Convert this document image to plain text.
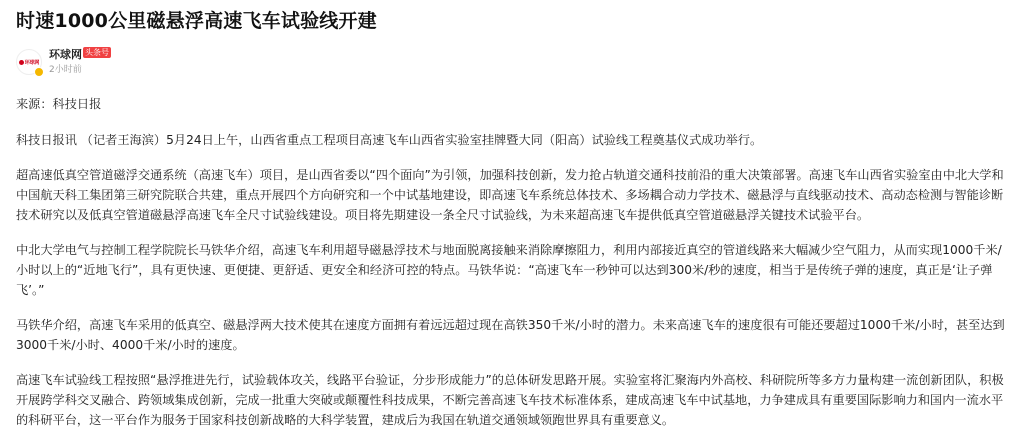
时速1000公里磁悬浮高速飞车试验线开建
环球网
环球网 头条号
2小时前

来源：科技日报

科技日报讯 （记者王海滨）5月24日上午，山西省重点工程项目高速飞车山西省实验室挂牌暨大同（阳高）试验线工程奠基仪式成功举行。

超高速低真空管道磁浮交通系统（高速飞车）项目，是山西省委以“四个面向”为引领，加强科技创新，发力抢占轨道交通科技前沿的重大决策部署。高速飞车山西省实验室由中北大学和中国航天科工集团第三研究院联合共建，重点开展四个方向研究和一个中试基地建设，即高速飞车系统总体技术、多场耦合动力学技术、磁悬浮与直线驱动技术、高动态检测与智能诊断技术研究以及低真空管道磁悬浮高速飞车全尺寸试验线建设。项目将先期建设一条全尺寸试验线，为未来超高速飞车提供低真空管道磁悬浮关键技术试验平台。

中北大学电气与控制工程学院院长马铁华介绍，高速飞车利用超导磁悬浮技术与地面脱离接触来消除摩擦阻力，利用内部接近真空的管道线路来大幅减少空气阻力，从而实现1000千米/小时以上的“近地飞行”，具有更快速、更便捷、更舒适、更安全和经济可控的特点。马铁华说：“高速飞车一秒钟可以达到300米/秒的速度，相当于是传统子弹的速度，真正是‘让子弹飞’。”

马铁华介绍，高速飞车采用的低真空、磁悬浮两大技术使其在速度方面拥有着远远超过现在高铁350千米/小时的潜力。未来高速飞车的速度很有可能还要超过1000千米/小时，甚至达到3000千米/小时、4000千米/小时的速度。

高速飞车试验线工程按照“悬浮推进先行，试验载体攻关，线路平台验证，分步形成能力”的总体研发思路开展。实验室将汇聚海内外高校、科研院所等多方力量构建一流创新团队，积极开展跨学科交叉融合、跨领域集成创新，完成一批重大突破或颠覆性科技成果，不断完善高速飞车技术标准体系，建成高速飞车中试基地，力争建成具有重要国际影响力和国内一流水平的科研平台，这一平台作为服务于国家科技创新战略的大科学装置，建成后为我国在轨道交通领域领跑世界具有重要意义。
